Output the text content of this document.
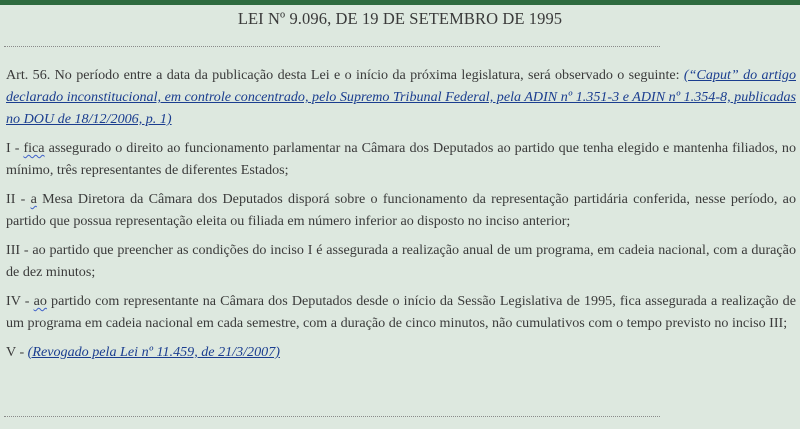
LEI Nº 9.096, DE 19 DE SETEMBRO DE 1995

Art. 56. No período entre a data da publicação desta Lei e o início da próxima legislatura, será observado o seguinte: (“Caput” do artigo declarado inconstitucional, em controle concentrado, pelo Supremo Tribunal Federal, pela ADIN nº 1.351-3 e ADIN nº 1.354-8, publicadas no DOU de 18/12/2006, p. 1)

I - fica assegurado o direito ao funcionamento parlamentar na Câmara dos Deputados ao partido que tenha elegido e mantenha filiados, no mínimo, três representantes de diferentes Estados;

II - a Mesa Diretora da Câmara dos Deputados disporá sobre o funcionamento da representação partidária conferida, nesse período, ao partido que possua representação eleita ou filiada em número inferior ao disposto no inciso anterior;

III - ao partido que preencher as condições do inciso I é assegurada a realização anual de um programa, em cadeia nacional, com a duração de dez minutos;

IV - ao partido com representante na Câmara dos Deputados desde o início da Sessão Legislativa de 1995, fica assegurada a realização de um programa em cadeia nacional em cada semestre, com a duração de cinco minutos, não cumulativos com o tempo previsto no inciso III;

V - (Revogado pela Lei nº 11.459, de 21/3/2007)
